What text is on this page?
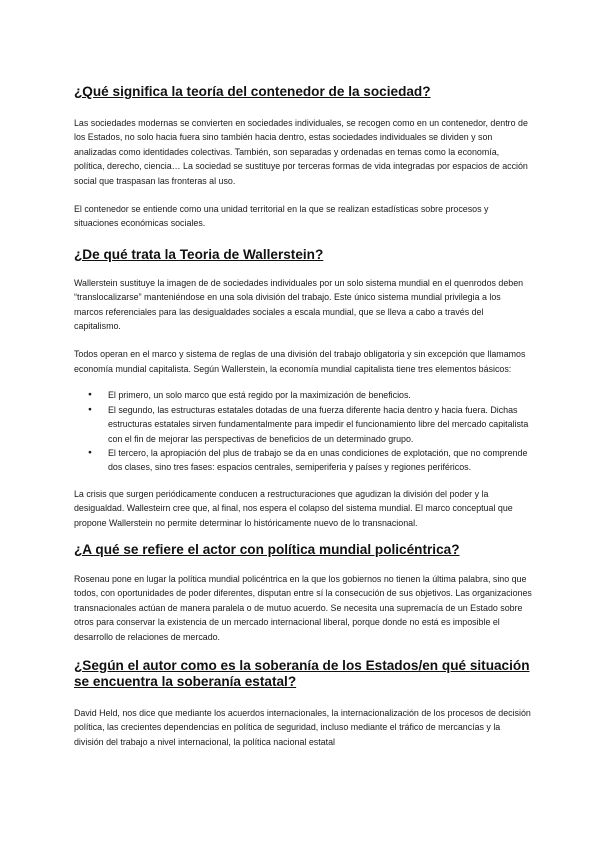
¿Qué significa la teoría del contenedor de la sociedad?

Las sociedades modernas se convierten en sociedades individuales, se recogen como en un contenedor, dentro de los Estados, no solo hacia fuera sino también hacia dentro, estas sociedades individuales se dividen y son analizadas como identidades colectivas. También, son separadas y ordenadas en temas como la economía, política, derecho, ciencia… La sociedad se sustituye por terceras formas de vida integradas por espacios de acción social que traspasan las fronteras al uso.

El contenedor se entiende como una unidad territorial en la que se realizan estadísticas sobre procesos y situaciones económicas sociales.

¿De qué trata la Teoria de Wallerstein?

Wallerstein sustituye la imagen de de sociedades individuales por un solo sistema mundial en el quenrodos deben “translocalizarse” manteniéndose en una sola división del trabajo. Este único sistema mundial privilegia a los marcos referenciales para las desigualdades sociales a escala mundial, que se lleva a cabo a través del capitalismo.

Todos operan en el marco y sistema de reglas de una división del trabajo obligatoria y sin excepción que llamamos economía mundial capitalista. Según Wallerstein, la economía mundial capitalista tiene tres elementos básicos:

● El primero, un solo marco que está regido por la maximización de beneficios.
● El segundo, las estructuras estatales dotadas de una fuerza diferente hacia dentro y hacia fuera. Dichas estructuras estatales sirven fundamentalmente para impedir el funcionamiento libre del mercado capitalista con el fin de mejorar las perspectivas de beneficios de un determinado grupo.
● El tercero, la apropiación del plus de trabajo se da en unas condiciones de explotación, que no comprende dos clases, sino tres fases: espacios centrales, semiperiferia y países y regiones periféricos.

La crisis que surgen periódicamente conducen a restructuraciones que agudizan la división del poder y la desigualdad. Wallesteirn cree que, al final, nos espera el colapso del sistema mundial. El marco conceptual que propone Wallerstein no permite determinar lo históricamente nuevo de lo transnacional.

¿A qué se refiere el actor con política mundial policéntrica?

Rosenau pone en lugar la política mundial policéntrica en la que los gobiernos no tienen la última palabra, sino que todos, con oportunidades de poder diferentes, disputan entre sí la consecución de sus objetivos. Las organizaciones transnacionales actúan de manera paralela o de mutuo acuerdo. Se necesita una supremacía de un Estado sobre otros para conservar la existencia de un mercado internacional liberal, porque donde no está es imposible el desarrollo de relaciones de mercado.

¿Según el autor como es la soberanía de los Estados/en qué situación se encuentra la soberanía estatal?

David Held, nos dice que mediante los acuerdos internacionales, la internacionalización de los procesos de decisión política, las crecientes dependencias en política de seguridad, incluso mediante el tráfico de mercancías y la división del trabajo a nivel internacional, la política nacional estatal
